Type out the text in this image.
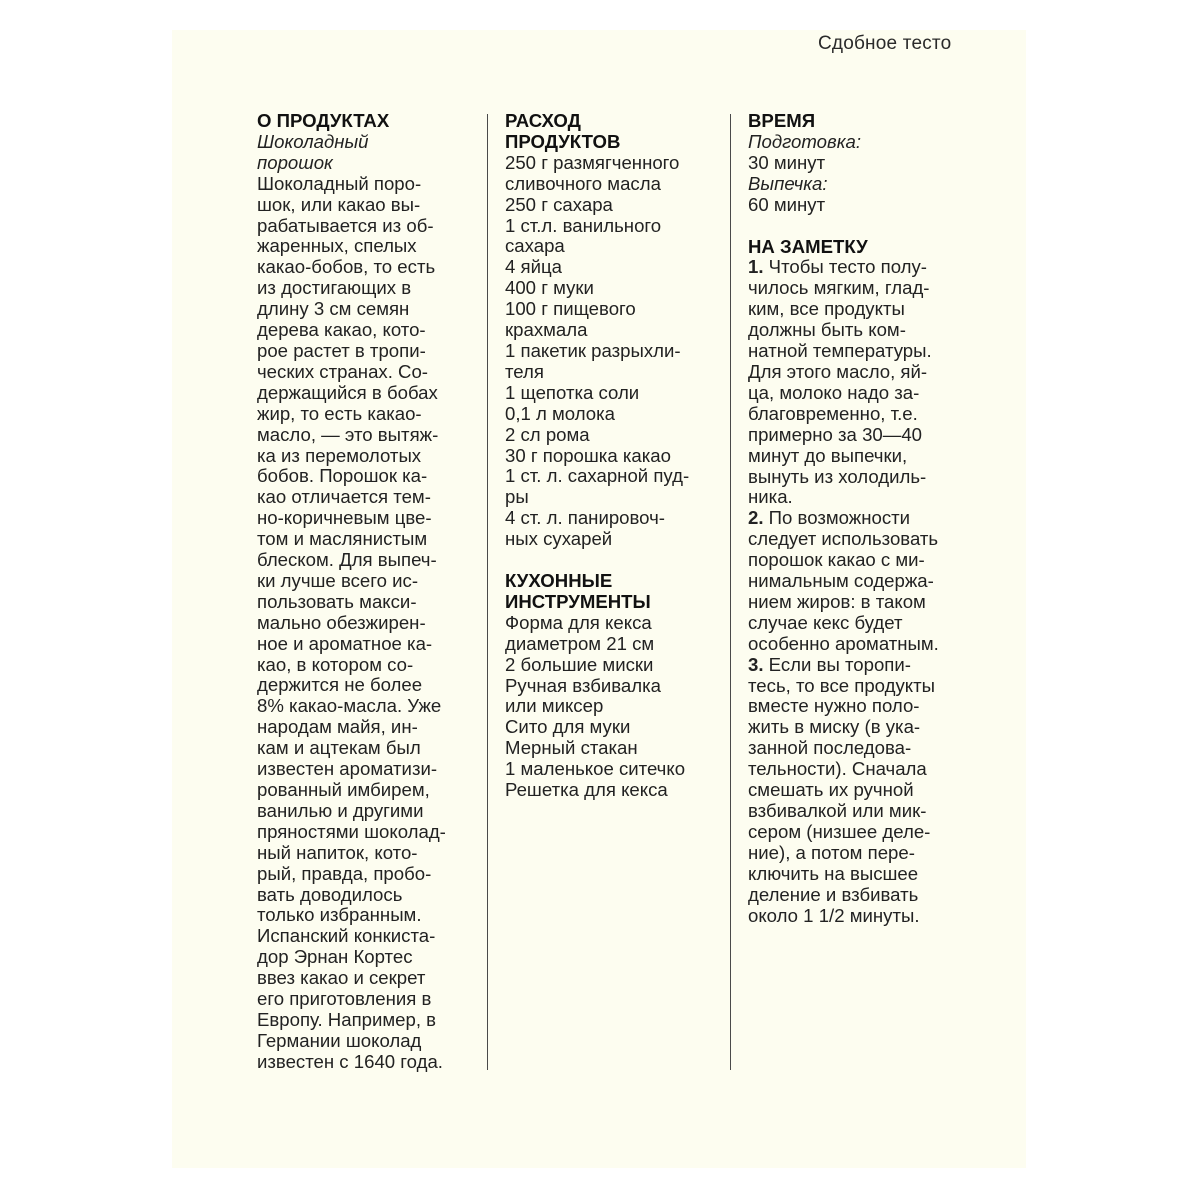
Сдобное тесто
О ПРОДУКТАХ
Шоколадный
порошок
Шоколадный поро-
шок, или какао вы-
рабатывается из об-
жаренных, спелых
какао-бобов, то есть
из достигающих в
длину 3 см семян
дерева какао, кото-
рое растет в тропи-
ческих странах. Со-
держащийся в бобах
жир, то есть какао-
масло, — это вытяж-
ка из перемолотых
бобов. Порошок ка-
као отличается тем-
но-коричневым цве-
том и маслянистым
блеском. Для выпеч-
ки лучше всего ис-
пользовать макси-
мально обезжирен-
ное и ароматное ка-
као, в котором со-
держится не более
8% какао-масла. Уже
народам майя, ин-
кам и ацтекам был
известен ароматизи-
рованный имбирем,
ванилью и другими
пряностями шоколад-
ный напиток, кото-
рый, правда, пробо-
вать доводилось
только избранным.
Испанский конкиста-
дор Эрнан Кортес
ввез какао и секрет
его приготовления в
Европу. Например, в
Германии шоколад
известен с 1640 года.
РАСХОД
ПРОДУКТОВ
250 г размягченного
сливочного масла
250 г сахара
1 ст.л. ванильного
сахара
4 яйца
400 г муки
100 г пищевого
крахмала
1 пакетик разрыхли-
теля
1 щепотка соли
0,1 л молока
2 сл рома
30 г порошка какао
1 ст. л. сахарной пуд-
ры
4 ст. л. панировоч-
ных сухарей
КУХОННЫЕ
ИНСТРУМЕНТЫ
Форма для кекса
диаметром 21 см
2 большие миски
Ручная взбивалка
или миксер
Сито для муки
Мерный стакан
1 маленькое ситечко
Решетка для кекса
ВРЕМЯ
Подготовка:
30 минут
Выпечка:
60 минут
НА ЗАМЕТКУ
1. Чтобы тесто полу-
чилось мягким, глад-
ким, все продукты
должны быть ком-
натной температуры.
Для этого масло, яй-
ца, молоко надо за-
благовременно, т.е.
примерно за 30—40
минут до выпечки,
вынуть из холодиль-
ника.
2. По возможности
следует использовать
порошок какао с ми-
нимальным содержа-
нием жиров: в таком
случае кекс будет
особенно ароматным.
3. Если вы торопи-
тесь, то все продукты
вместе нужно поло-
жить в миску (в ука-
занной последова-
тельности). Сначала
смешать их ручной
взбивалкой или мик-
сером (низшее деле-
ние), а потом пере-
ключить на высшее
деление и взбивать
около 1 1/2 минуты.
